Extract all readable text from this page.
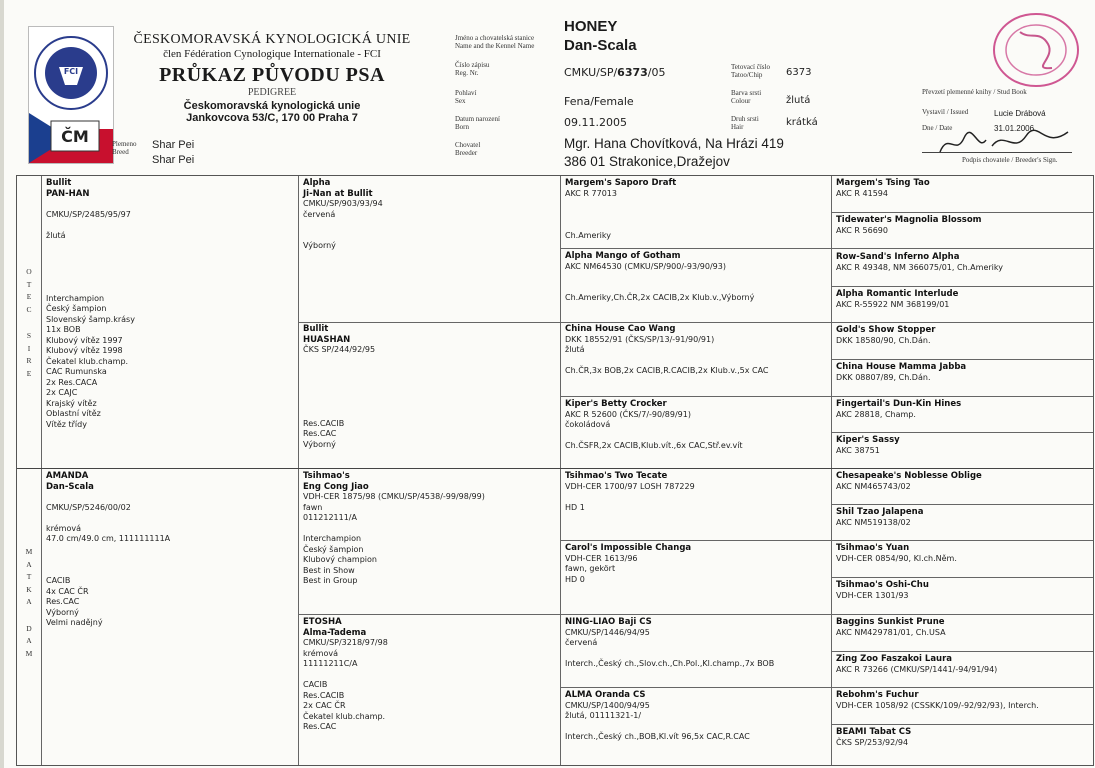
ČM
FCI
ČESKOMORAVSKÁ KYNOLOGICKÁ UNIE
člen Fédération Cynologique Internationale - FCI
PRŮKAZ PŮVODU PSA
PEDIGREE
Českomoravská kynologická unie
Jankovcova 53/C, 170 00 Praha 7
Plemeno
Breed
Shar Pei
Shar Pei
Jméno a chovatelská stanice
Name and the Kennel Name
Číslo zápisu
Reg. Nr.
Pohlaví
Sex
Datum narození
Born
Chovatel
Breeder
HONEY
Dan-Scala
CMKU/SP/6373/05
Fena/Female
09.11.2005
Mgr. Hana Chovítková, Na Hrázi 419
386 01 Strakonice,Dražejov
Tetovací číslo
Tatoo/Chip
Barva srsti
Colour
Druh srsti
Hair
6373
žlutá
krátká
Převzetí plemenné knihy / Stud Book
Vystavil / Issued	Lucie Drábová
Dne / Date	31.01.2006
Podpis chovatele / Breeder's Sign.
O
T
E
C
S
I
R
E
M
A
T
K
A
D
A
M
Bullit
PAN-HAN
CMKU/SP/2485/95/97
žlutá
Interchampion
Český šampion
Slovenský šamp.krásy
11x BOB
Klubový vítěz 1997
Klubový vítěz 1998
Čekatel klub.champ.
CAC Rumunska
2x Res.CACA
2x CAJC
Krajský vítěz
Oblastní vítěz
Vítěz třídy
AMANDA
Dan-Scala
CMKU/SP/5246/00/02
krémová
47.0 cm/49.0 cm, 111111111A
CACIB
4x CAC ČR
Res.CAC
Výborný
Velmi nadějný
Alpha
Ji-Nan at Bullit
CMKU/SP/903/93/94
červená
Výborný
Bullit
HUASHAN
ČKS SP/244/92/95
Res.CACIB
Res.CAC
Výborný
Tsihmao's
Eng Cong Jiao
VDH-CER 1875/98 (CMKU/SP/4538/-99/98/99)
fawn
011212111/A
Interchampion
Český šampion
Klubový champion
Best in Show
Best in Group
ETOSHA
Alma-Tadema
CMKU/SP/3218/97/98
krémová
11111211C/A
CACIB
Res.CACIB
2x CAC ČR
Čekatel klub.champ.
Res.CAC
Margem's Saporo Draft
AKC R 77013
Ch.Ameriky
Alpha Mango of Gotham
AKC NM64530 (CMKU/SP/900/-93/90/93)
Ch.Ameriky,Ch.ČR,2x CACIB,2x Klub.v.,Výborný
China House Cao Wang
DKK 18552/91 (ČKS/SP/13/-91/90/91)
žlutá
Ch.ČR,3x BOB,2x CACIB,R.CACIB,2x Klub.v.,5x CAC
Kiper's Betty Crocker
AKC R 52600 (ČKS/7/-90/89/91)
čokoládová
Ch.ČSFR,2x CACIB,Klub.vít.,6x CAC,Stř.ev.vít
Tsihmao's Two Tecate
VDH-CER 1700/97 LOSH 787229
HD 1
Carol's Impossible Changa
VDH-CER 1613/96
fawn, gekört
HD 0
NING-LIAO Baji CS
CMKU/SP/1446/94/95
červená
Interch.,Český ch.,Slov.ch.,Ch.Pol.,Kl.champ.,7x BOB
ALMA Oranda CS
CMKU/SP/1400/94/95
žlutá, 01111321-1/
Interch.,Český ch.,BOB,Kl.vít 96,5x CAC,R.CAC
Margem's Tsing Tao
AKC R 41594
Tidewater's Magnolia Blossom
AKC R 56690
Row-Sand's Inferno Alpha
AKC R 49348, NM 366075/01, Ch.Ameriky
Alpha Romantic Interlude
AKC R-55922 NM 368199/01
Gold's Show Stopper
DKK 18580/90, Ch.Dán.
China House Mamma Jabba
DKK 08807/89, Ch.Dán.
Fingertail's Dun-Kin Hines
AKC 28818, Champ.
Kiper's Sassy
AKC 38751
Chesapeake's Noblesse Oblige
AKC NM465743/02
Shil Tzao Jalapena
AKC NM519138/02
Tsihmao's Yuan
VDH-CER 0854/90, Kl.ch.Něm.
Tsihmao's Oshi-Chu
VDH-CER 1301/93
Baggins Sunkist Prune
AKC NM429781/01, Ch.USA
Zing Zoo Faszakoi Laura
AKC R 73266 (CMKU/SP/1441/-94/91/94)
Rebohm's Fuchur
VDH-CER 1058/92 (CSSKK/109/-92/92/93), Interch.
BEAMI Tabat CS
ČKS SP/253/92/94
